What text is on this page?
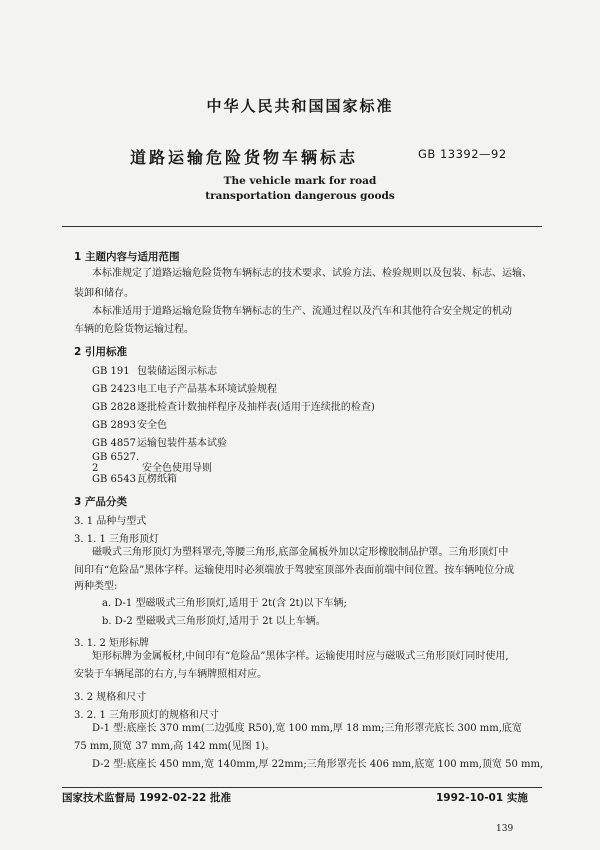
中华人民共和国国家标准
道路运输危险货物车辆标志	GB 13392—92
The vehicle mark for road
transportation dangerous goods
1 主题内容与适用范围
本标准规定了道路运输危险货物车辆标志的技术要求、试验方法、检验规则以及包装、标志、运输、
装卸和储存。
本标准适用于道路运输危险货物车辆标志的生产、流通过程以及汽车和其他符合安全规定的机动
车辆的危险货物运输过程。
2 引用标准
GB 191 包装储运图示标志
GB 2423电工电子产品基本环境试验规程
GB 2828逐批检查计数抽样程序及抽样表(适用于连续批的检查)
GB 2893安全色
GB 4857运输包装件基本试验
GB 6527. 2	安全色使用导则
GB 6543瓦楞纸箱
3 产品分类
3. 1 品种与型式
3. 1. 1 三角形顶灯
磁吸式三角形顶灯为塑料罩壳,等腰三角形,底部金属板外加以定形橡胶制品护罩。三角形顶灯中
间印有“危险品”黑体字样。运输使用时必须端放于驾驶室顶部外表面前端中间位置。按车辆吨位分成
两种类型:
a. D-1 型磁吸式三角形顶灯,适用于 2t(含 2t)以下车辆;
b. D-2 型磁吸式三角形顶灯,适用于 2t 以上车辆。
3. 1. 2 矩形标牌
矩形标牌为金属板材,中间印有“危险品”黑体字样。运输使用时应与磁吸式三角形顶灯同时使用,
安装于车辆尾部的右方,与车辆牌照相对应。
3. 2 规格和尺寸
3. 2. 1 三角形顶灯的规格和尺寸
D-1 型:底座长 370 mm(二边弧度 R50),宽 100 mm,厚 18 mm;三角形罩壳底长 300 mm,底宽
75 mm,顶宽 37 mm,高 142 mm(见图 1)。
D-2 型:底座长 450 mm,宽 140mm,厚 22mm;三角形罩壳长 406 mm,底宽 100 mm,顶宽 50 mm,
国家技术监督局 1992-02-22 批准	1992-10-01 实施
139
